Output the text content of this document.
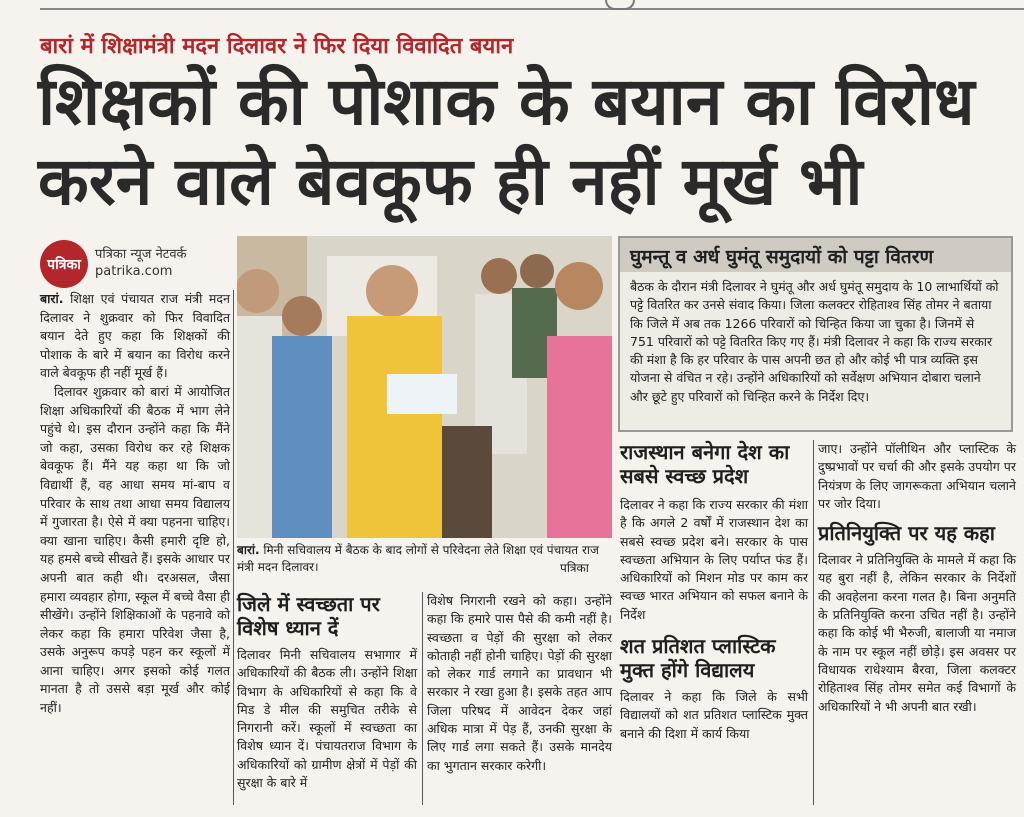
बारां में शिक्षामंत्री मदन दिलावर ने फिर दिया विवादित बयान
शिक्षकों की पोशाक के बयान का विरोध
करने वाले बेवकूफ ही नहीं मूर्ख भी
पत्रिका
पत्रिका न्यूज नेटवर्क
patrika.com

बारां. शिक्षा एवं पंचायत राज मंत्री मदन दिलावर ने शुक्रवार को फिर विवादित बयान देते हुए कहा कि शिक्षकों की पोशाक के बारे में बयान का विरोध करने वाले बेवकूफ ही नहीं मूर्ख हैं।

दिलावर शुक्रवार को बारां में आयोजित शिक्षा अधिकारियों की बैठक में भाग लेने पहुंचे थे। इस दौरान उन्होंने कहा कि मैंने जो कहा, उसका विरोध कर रहे शिक्षक बेवकूफ हैं। मैंने यह कहा था कि जो विद्यार्थी हैं, वह आधा समय मां-बाप व परिवार के साथ तथा आधा समय विद्यालय में गुजारता है। ऐसे में क्या पहनना चाहिए। क्या खाना चाहिए। कैसी हमारी दृष्टि हो, यह हमसे बच्चे सीखते हैं। इसके आधार पर अपनी बात कही थी। दरअसल, जैसा हमारा व्यवहार होगा, स्कूल में बच्चे वैसा ही सीखेंगे। उन्होंने शिक्षिकाओं के पहनावे को लेकर कहा कि हमारा परिवेश जैसा है, उसके अनुरूप कपड़े पहन कर स्कूलों में आना चाहिए। अगर इसको कोई गलत मानता है तो उससे बड़ा मूर्ख और कोई नहीं।

बारां. मिनी सचिवालय में बैठक के बाद लोगों से परिवेदना लेते शिक्षा एवं पंचायत राज मंत्री मदन दिलावर।	पत्रिका
जिले में स्वच्छता पर विशेष ध्यान दें
दिलावर मिनी सचिवालय सभागार में अधिकारियों की बैठक ली। उन्होंने शिक्षा विभाग के अधिकारियों से कहा कि वे मिड डे मील की समुचित तरीके से निगरानी करें। स्कूलों में स्वच्छता का विशेष ध्यान दें। पंचायतराज विभाग के अधिकारियों को ग्रामीण क्षेत्रों में पेड़ों की सुरक्षा के बारे में
विशेष निगरानी रखने को कहा। उन्होंने कहा कि हमारे पास पैसे की कमी नहीं है। स्वच्छता व पेड़ों की सुरक्षा को लेकर कोताही नहीं होनी चाहिए। पेड़ों की सुरक्षा को लेकर गार्ड लगाने का प्रावधान भी सरकार ने रखा हुआ है। इसके तहत आप जिला परिषद में आवेदन देकर जहां अधिक मात्रा में पेड़ हैं, उनकी सुरक्षा के लिए गार्ड लगा सकते हैं। उसके मानदेय का भुगतान सरकार करेगी।
घुमन्तू व अर्ध घुमंतू समुदायों को पट्टा वितरण
बैठक के दौरान मंत्री दिलावर ने घुमंतू और अर्ध घुमंतू समुदाय के 10 लाभार्थियों को पट्टे वितरित कर उनसे संवाद किया। जिला कलक्टर रोहिताश्व सिंह तोमर ने बताया कि जिले में अब तक 1266 परिवारों को चिन्हित किया जा चुका है। जिनमें से 751 परिवारों को पट्टे वितरित किए गए हैं। मंत्री दिलावर ने कहा कि राज्य सरकार की मंशा है कि हर परिवार के पास अपनी छत हो और कोई भी पात्र व्यक्ति इस योजना से वंचित न रहे। उन्होंने अधिकारियों को सर्वेक्षण अभियान दोबारा चलाने और छूटे हुए परिवारों को चिन्हित करने के निर्देश दिए।
राजस्थान बनेगा देश का सबसे स्वच्छ प्रदेश
दिलावर ने कहा कि राज्य सरकार की मंशा है कि अगले 2 वर्षों में राजस्थान देश का सबसे स्वच्छ प्रदेश बने। सरकार के पास स्वच्छता अभियान के लिए पर्याप्त फंड हैं। अधिकारियों को मिशन मोड पर काम कर स्वच्छ भारत अभियान को सफल बनाने के निर्देश
शत प्रतिशत प्लास्टिक मुक्त होंगे विद्यालय
दिलावर ने कहा कि जिले के सभी विद्यालयों को शत प्रतिशत प्लास्टिक मुक्त बनाने की दिशा में कार्य किया
जाए। उन्होंने पॉलीथिन और प्लास्टिक के दुष्प्रभावों पर चर्चा की और इसके उपयोग पर नियंत्रण के लिए जागरूकता अभियान चलाने पर जोर दिया।
प्रतिनियुक्ति पर यह कहा
दिलावर ने प्रतिनियुक्ति के मामले में कहा कि यह बुरा नहीं है, लेकिन सरकार के निर्देशों की अवहेलना करना गलत है। बिना अनुमति के प्रतिनियुक्ति करना उचित नहीं है। उन्होंने कहा कि कोई भी भैरुजी, बालाजी या नमाज के नाम पर स्कूल नहीं छोड़े। इस अवसर पर विधायक राधेश्याम बैरवा, जिला कलक्टर रोहिताश्व सिंह तोमर समेत कई विभागों के अधिकारियों ने भी अपनी बात रखी।
